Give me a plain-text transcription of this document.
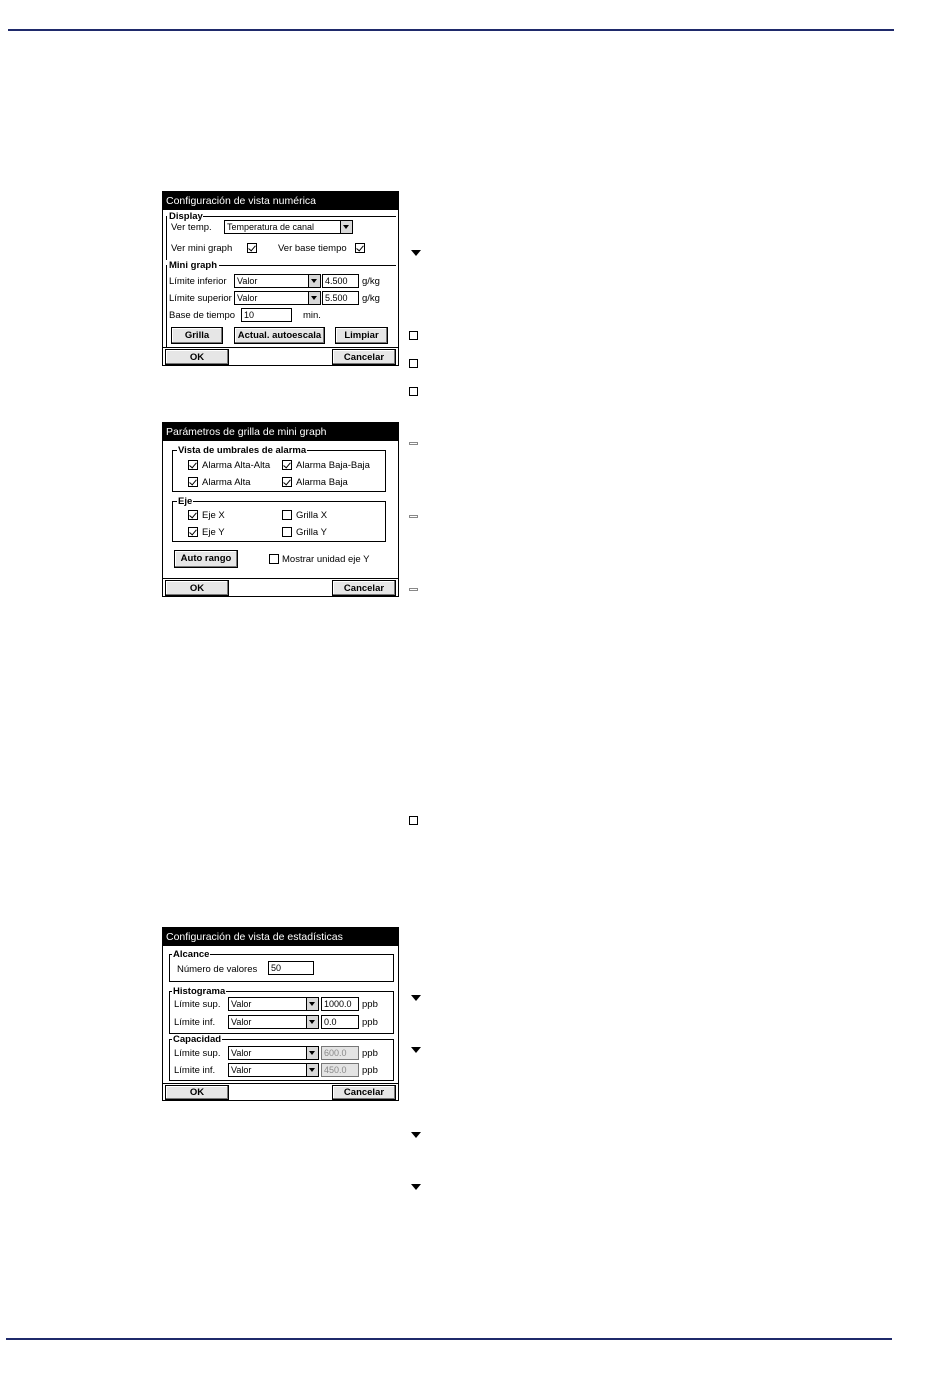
Configuración de vista numérica
Display
Ver temp.	Temperatura de canal
Ver mini graph	Ver base tiempo
Mini graph
Límite inferior	Valor	4.500	g/kg
Límite superior Valor	5.500	g/kg
Base de tiempo 10	min.
Grilla	Actual. autoescala	Limpiar
OK	Cancelar
Parámetros de grilla de mini graph
Vista de umbrales de alarma
Alarma Alta-Alta	Alarma Baja-Baja
Alarma Alta	Alarma Baja
Eje
Eje X	Grilla X
Eje Y	Grilla Y
Auto rango	Mostrar unidad eje Y
OK	Cancelar
Configuración de vista de estadísticas
Alcance
Número de valores	50
Histograma
Límite sup.	Valor	1000.0	ppb
Límite inf.	Valor	0.0	ppb
Capacidad
Límite sup.	Valor	600.0	ppb
Límite inf.	Valor	450.0	ppb
OK	Cancelar
